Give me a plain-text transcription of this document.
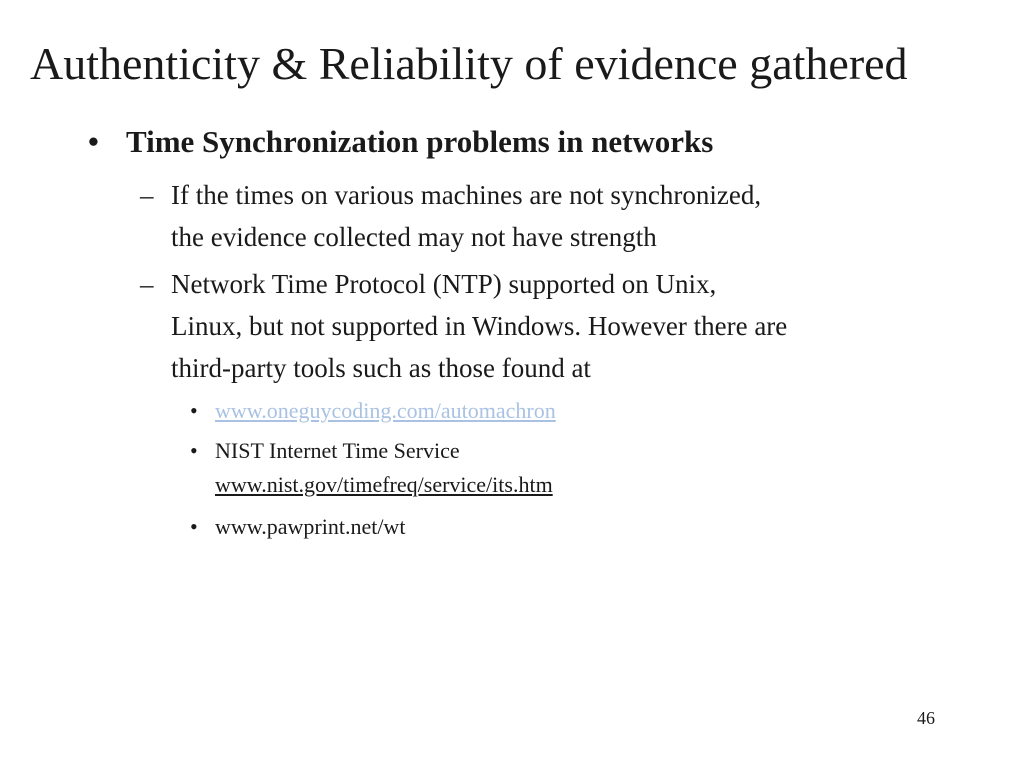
Authenticity & Reliability of evidence gathered
• Time Synchronization problems in networks
– If the times on various machines are not synchronized,
the evidence collected may not have strength
– Network Time Protocol (NTP) supported on Unix,
Linux, but not supported in Windows. However there are
third-party tools such as those found at
• www.oneguycoding.com/automachron
• NIST Internet Time Service
www.nist.gov/timefreq/service/its.htm
• www.pawprint.net/wt
46
